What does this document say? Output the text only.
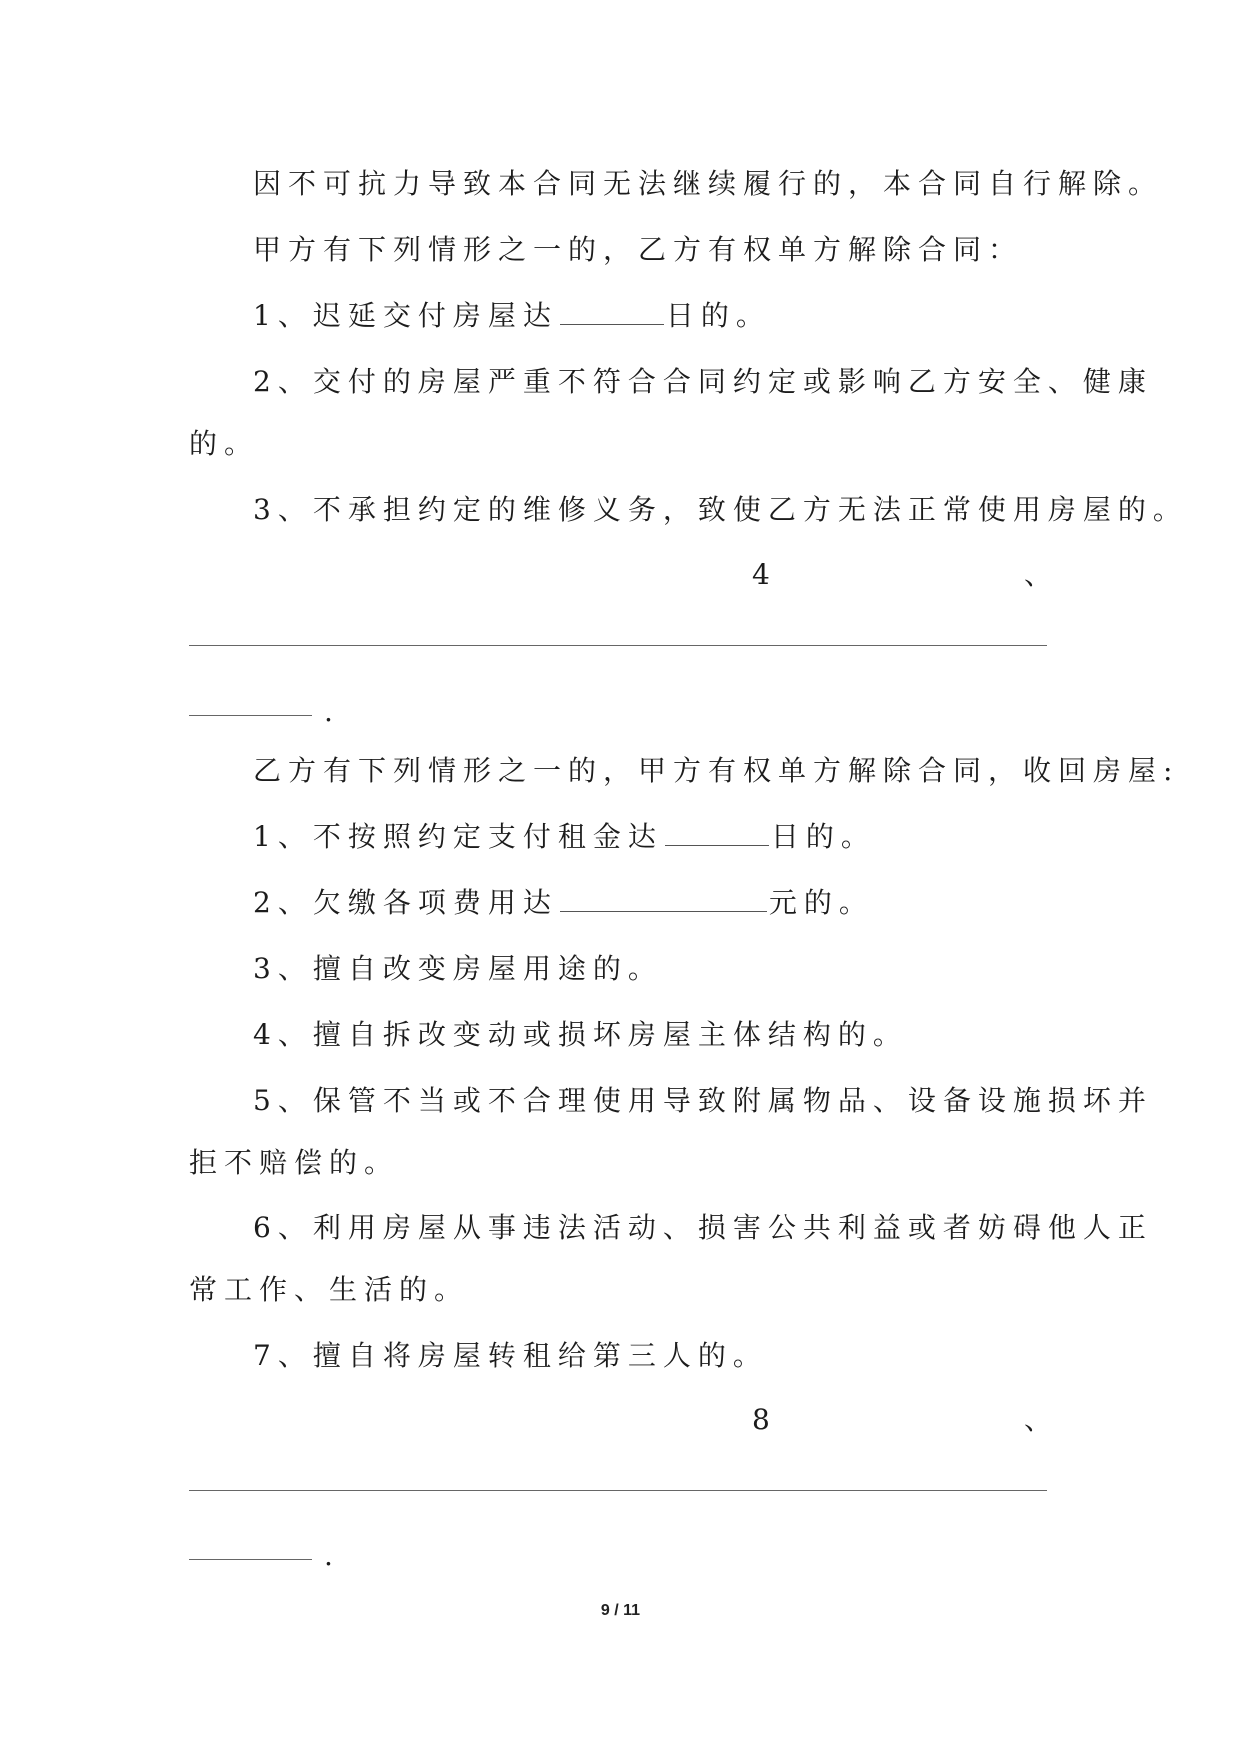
因不可抗力导致本合同无法继续履行的，本合同自行解除。
甲方有下列情形之一的，乙方有权单方解除合同：
1、迟延交付房屋达	日的。
2、交付的房屋严重不符合合同约定或影响乙方安全、健康
的。
3、不承担约定的维修义务，致使乙方无法正常使用房屋的。
4	、
.
乙方有下列情形之一的，甲方有权单方解除合同，收回房屋:
1、不按照约定支付租金达	日的。
2、欠缴各项费用达	元的。
3、擅自改变房屋用途的。
4、擅自拆改变动或损坏房屋主体结构的。
5、保管不当或不合理使用导致附属物品、设备设施损坏并
拒不赔偿的。
6、利用房屋从事违法活动、损害公共利益或者妨碍他人正
常工作、生活的。
7、擅自将房屋转租给第三人的。
8	、
.
9 / 11
